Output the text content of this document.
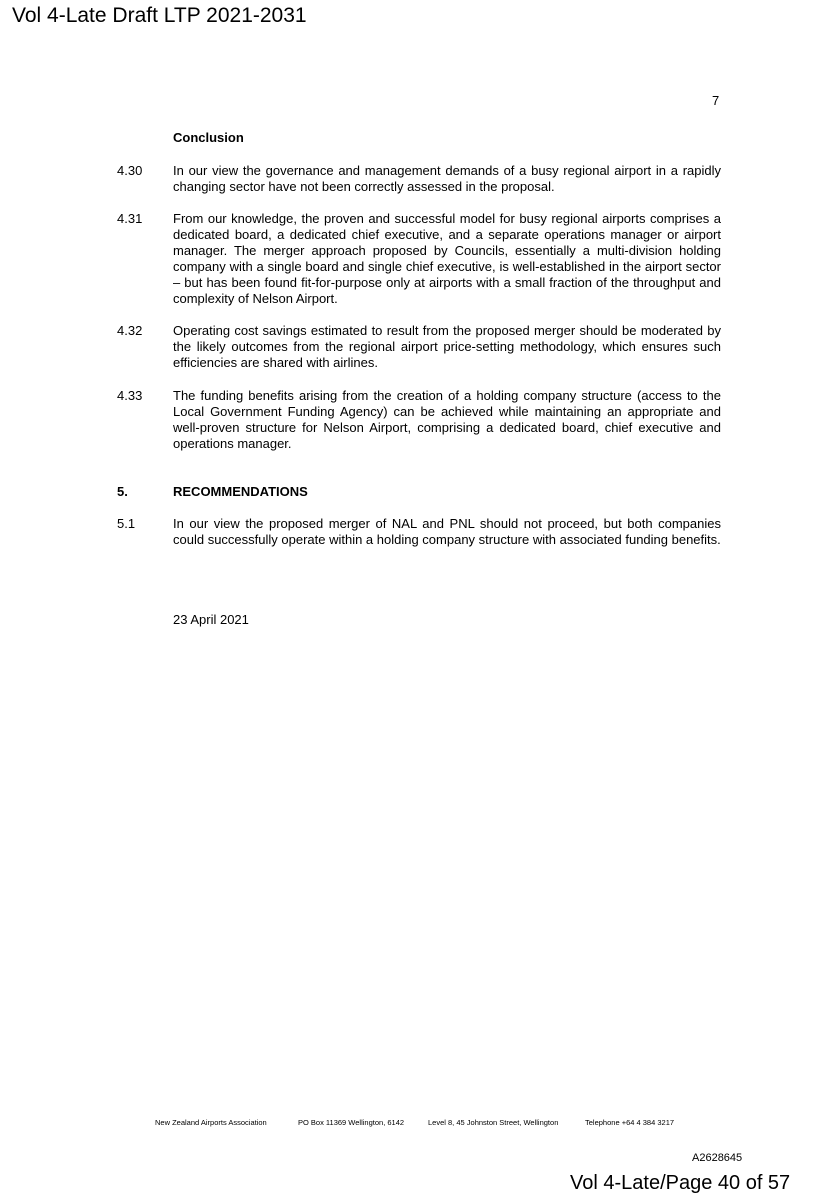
Vol 4-Late Draft LTP 2021-2031
7
Conclusion
4.30 In our view the governance and management demands of a busy regional airport in a rapidly changing sector have not been correctly assessed in the proposal.
4.31 From our knowledge, the proven and successful model for busy regional airports comprises a dedicated board, a dedicated chief executive, and a separate operations manager or airport manager. The merger approach proposed by Councils, essentially a multi-division holding company with a single board and single chief executive, is well-established in the airport sector – but has been found fit-for-purpose only at airports with a small fraction of the throughput and complexity of Nelson Airport.
4.32 Operating cost savings estimated to result from the proposed merger should be moderated by the likely outcomes from the regional airport price-setting methodology, which ensures such efficiencies are shared with airlines.
4.33 The funding benefits arising from the creation of a holding company structure (access to the Local Government Funding Agency) can be achieved while maintaining an appropriate and well-proven structure for Nelson Airport, comprising a dedicated board, chief executive and operations manager.
5.	RECOMMENDATIONS
5.1	In our view the proposed merger of NAL and PNL should not proceed, but both companies could successfully operate within a holding company structure with associated funding benefits.
23 April 2021
New Zealand Airports Association	PO Box 11369 Wellington, 6142	Level 8, 45 Johnston Street, Wellington	Telephone +64 4 384 3217
A2628645
Vol 4-Late/Page 40 of 57
